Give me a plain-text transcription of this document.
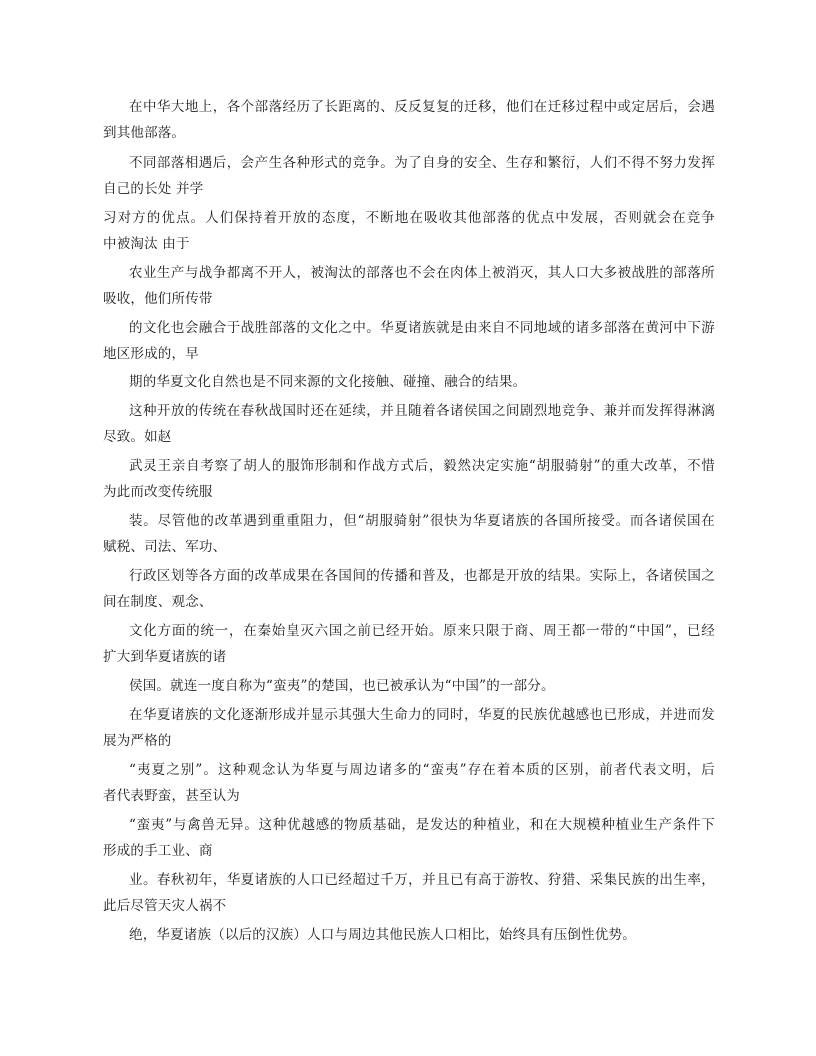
在中华大地上，各个部落经历了长距离的、反反复复的迁移，他们在迁移过程中或定居后，会遇
到其他部落。
不同部落相遇后，会产生各种形式的竞争。为了自身的安全、生存和繁衍，人们不得不努力发挥
自己的长处 并学
习对方的优点。人们保持着开放的态度，不断地在吸收其他部落的优点中发展，否则就会在竞争
中被淘汰 由于
农业生产与战争都离不开人，被淘汰的部落也不会在肉体上被消灭，其人口大多被战胜的部落所
吸收，他们所传带
的文化也会融合于战胜部落的文化之中。华夏诸族就是由来自不同地域的诸多部落在黄河中下游
地区形成的，早
期的华夏文化自然也是不同来源的文化接触、碰撞、融合的结果。
这种开放的传统在春秋战国时还在延续，并且随着各诸侯国之间剧烈地竞争、兼并而发挥得淋漓
尽致。如赵
武灵王亲自考察了胡人的服饰形制和作战方式后，毅然决定实施“胡服骑射”的重大改革，不惜
为此而改变传统服
装。尽管他的改革遇到重重阻力，但“胡服骑射”很快为华夏诸族的各国所接受。而各诸侯国在
赋税、司法、军功、
行政区划等各方面的改革成果在各国间的传播和普及，也都是开放的结果。实际上，各诸侯国之
间在制度、观念、
文化方面的统一，在秦始皇灭六国之前已经开始。原来只限于商、周王都一带的“中国”，已经
扩大到华夏诸族的诸
侯国。就连一度自称为“蛮夷”的楚国，也已被承认为“中国”的一部分。
在华夏诸族的文化逐渐形成并显示其强大生命力的同时，华夏的民族优越感也已形成，并进而发
展为严格的
“夷夏之别”。这种观念认为华夏与周边诸多的“蛮夷”存在着本质的区别，前者代表文明，后
者代表野蛮，甚至认为
“蛮夷”与禽兽无异。这种优越感的物质基础，是发达的种植业，和在大规模种植业生产条件下
形成的手工业、商
业。春秋初年，华夏诸族的人口已经超过千万，并且已有高于游牧、狩猎、采集民族的出生率，
此后尽管天灾人祸不
绝，华夏诸族（以后的汉族）人口与周边其他民族人口相比，始终具有压倒性优势。
